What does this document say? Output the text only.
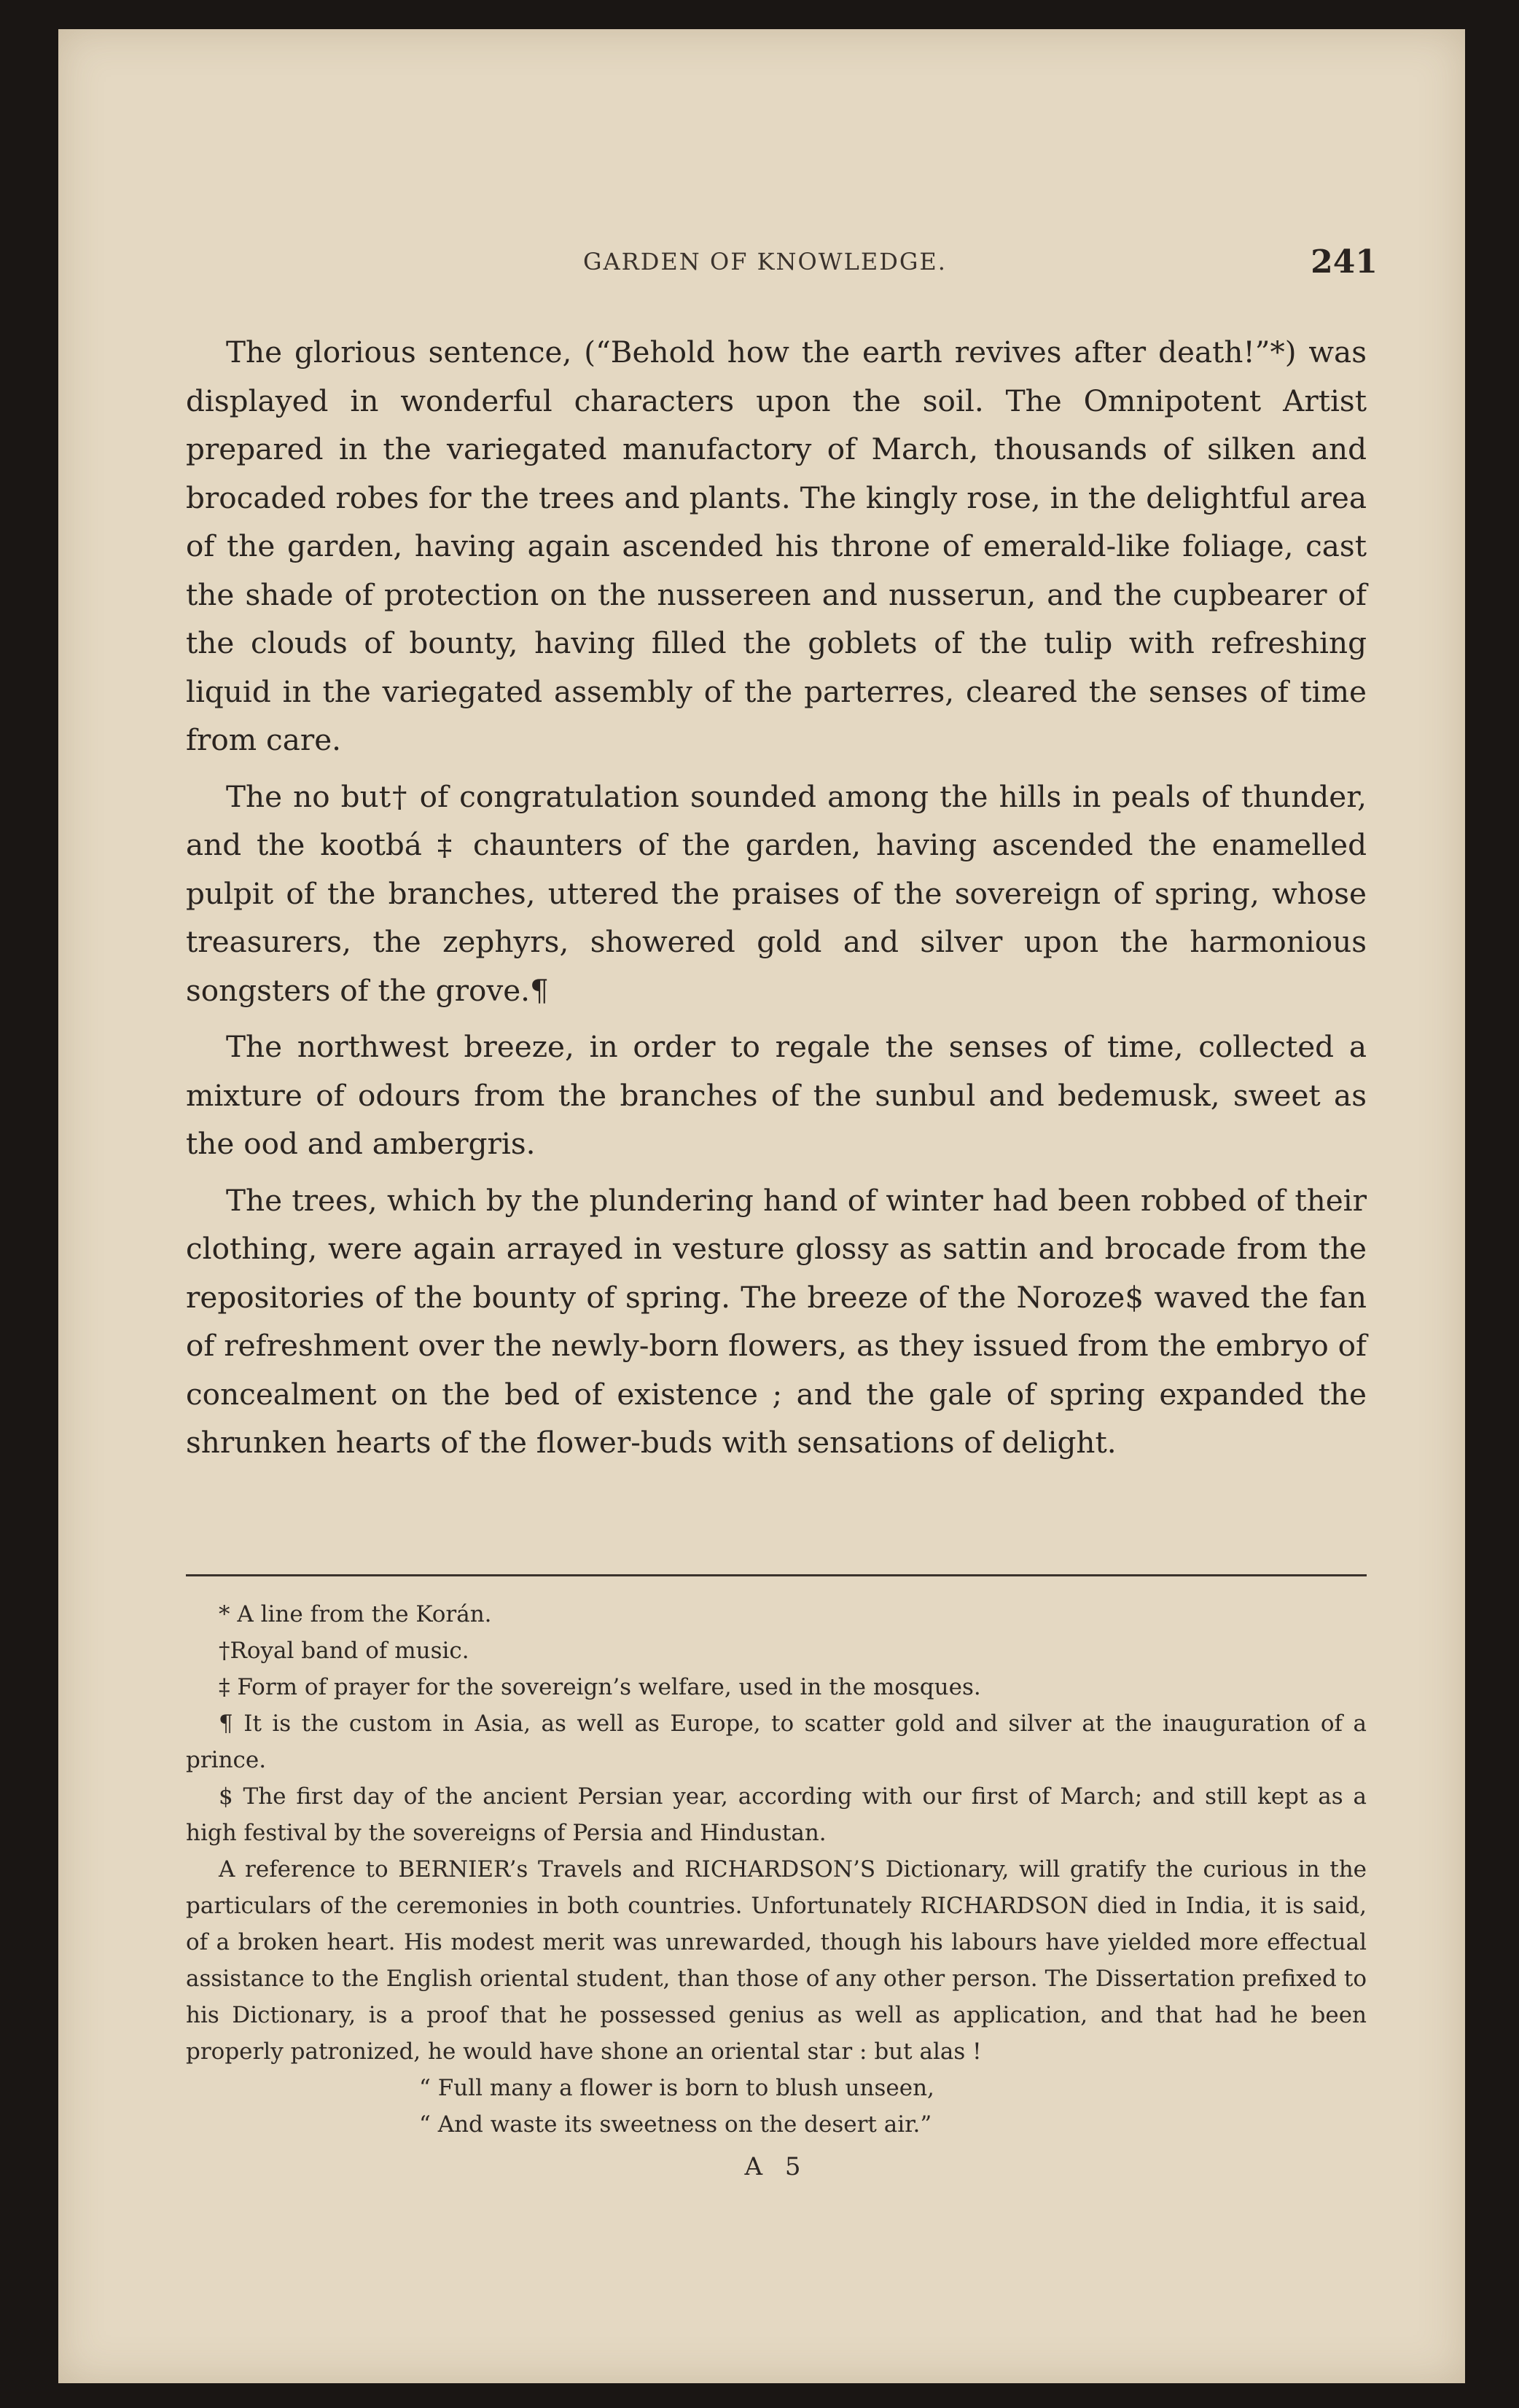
GARDEN OF KNOWLEDGE.	241

The glorious sentence, (“Behold how the earth revives after death!”*) was displayed in wonderful characters upon the soil. The Omnipotent Artist prepared in the variegated manufactory of March, thousands of silken and brocaded robes for the trees and plants. The kingly rose, in the delightful area of the garden, having again ascended his throne of emerald-like foliage, cast the shade of protection on the nussereen and nusserun, and the cupbearer of the clouds of bounty, having filled the goblets of the tulip with refreshing liquid in the variegated assembly of the parterres, cleared the senses of time from care.

The no but† of congratulation sounded among the hills in peals of thunder, and the kootbá ‡ chaunters of the garden, having ascended the enamelled pulpit of the branches, uttered the praises of the sovereign of spring, whose treasurers, the zephyrs, showered gold and silver upon the harmonious songsters of the grove.¶

The northwest breeze, in order to regale the senses of time, collected a mixture of odours from the branches of the sunbul and bedemusk, sweet as the ood and ambergris.

The trees, which by the plundering hand of winter had been robbed of their clothing, were again arrayed in vesture glossy as sattin and brocade from the repositories of the bounty of spring. The breeze of the Noroze$ waved the fan of refreshment over the newly-born flowers, as they issued from the embryo of concealment on the bed of existence ; and the gale of spring expanded the shrunken hearts of the flower-buds with sensations of delight.

* A line from the Korán.

†Royal band of music.

‡ Form of prayer for the sovereign’s welfare, used in the mosques.

¶ It is the custom in Asia, as well as Europe, to scatter gold and silver at the inauguration of a prince.

$ The first day of the ancient Persian year, according with our first of March; and still kept as a high festival by the sovereigns of Persia and Hindustan.

A reference to BERNIER’s Travels and RICHARDSON’S Dictionary, will gratify the curious in the particulars of the ceremonies in both countries. Unfortunately RICHARDSON died in India, it is said, of a broken heart. His modest merit was unrewarded, though his labours have yielded more effectual assistance to the English oriental student, than those of any other person. The Dissertation prefixed to his Dictionary, is a proof that he possessed genius as well as application, and that had he been properly patronized, he would have shone an oriental star : but alas !

“ Full many a flower is born to blush unseen,

“ And waste its sweetness on the desert air.”

A 5
